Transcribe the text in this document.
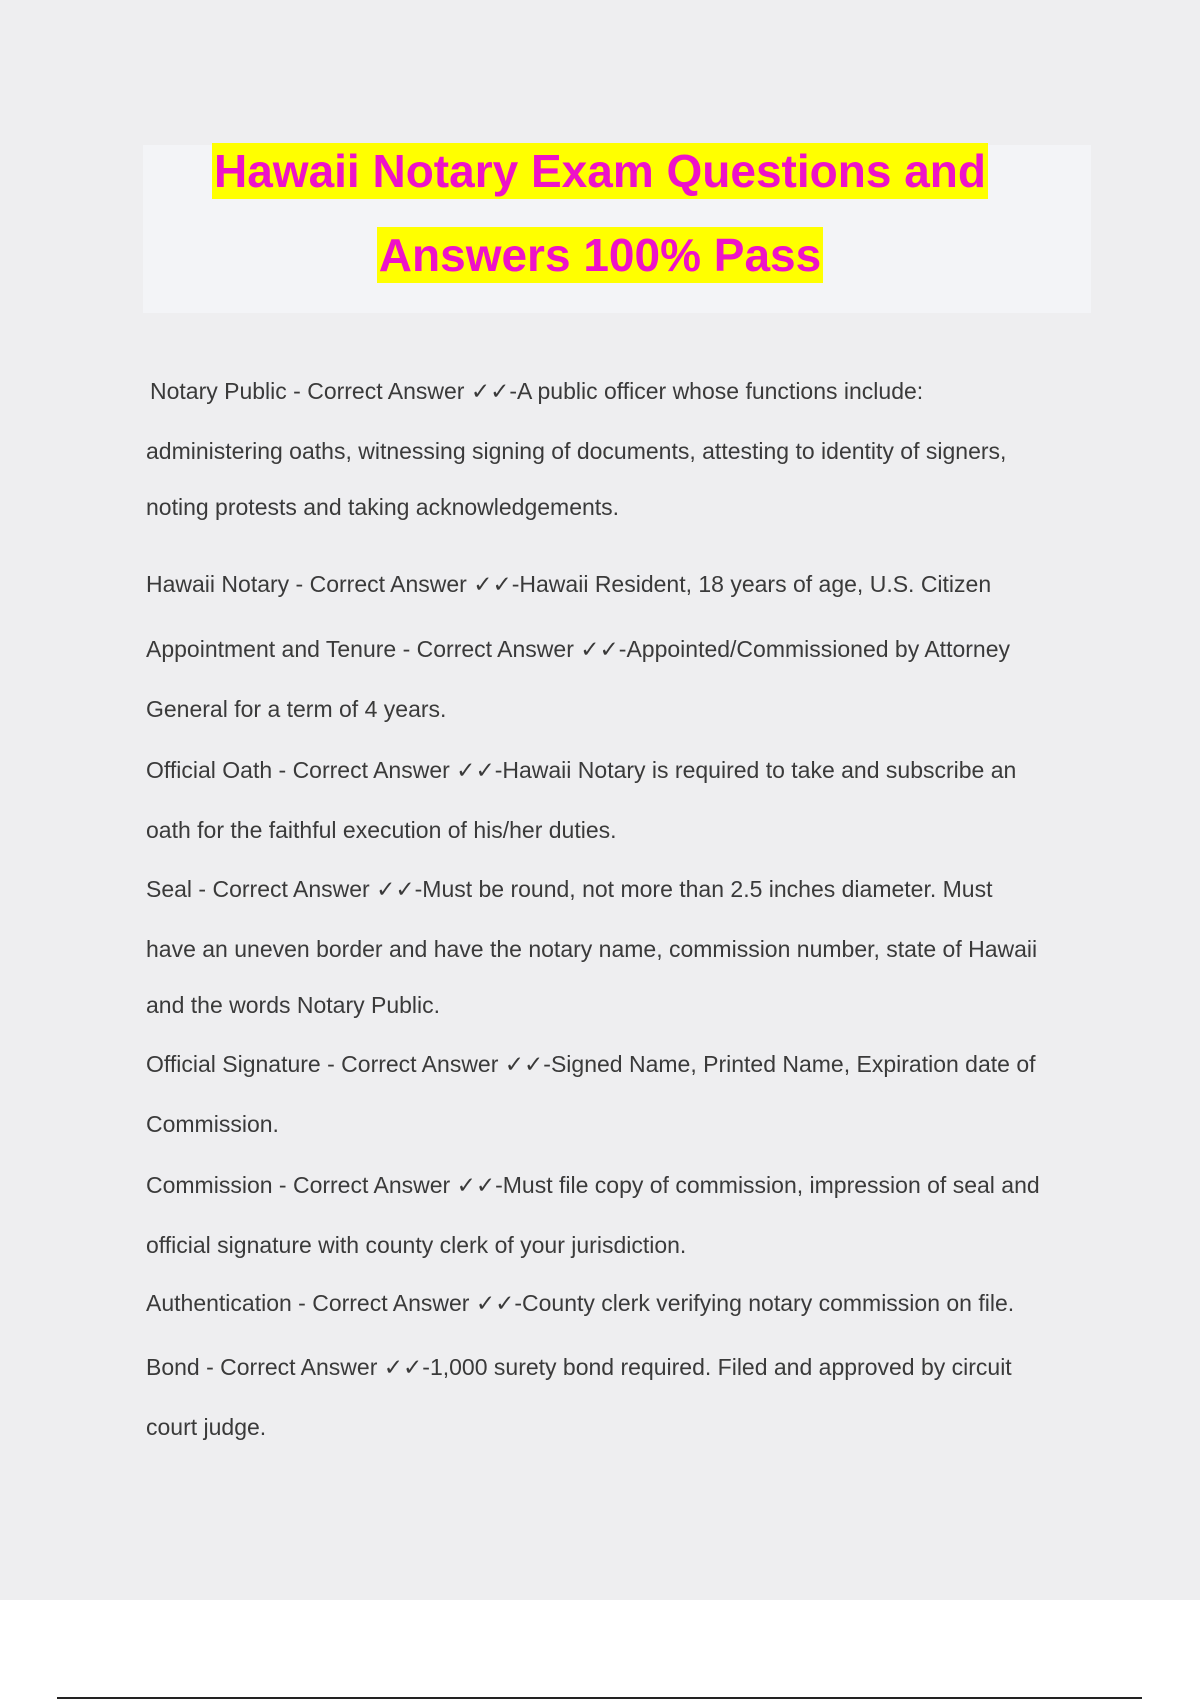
Hawaii Notary Exam Questions and
Answers 100% Pass
Notary Public - Correct Answer ✓✓-A public officer whose functions include:
administering oaths, witnessing signing of documents, attesting to identity of signers,
noting protests and taking acknowledgements.
Hawaii Notary - Correct Answer ✓✓-Hawaii Resident, 18 years of age, U.S. Citizen
Appointment and Tenure - Correct Answer ✓✓-Appointed/Commissioned by Attorney
General for a term of 4 years.
Official Oath - Correct Answer ✓✓-Hawaii Notary is required to take and subscribe an
oath for the faithful execution of his/her duties.
Seal - Correct Answer ✓✓-Must be round, not more than 2.5 inches diameter. Must
have an uneven border and have the notary name, commission number, state of Hawaii
and the words Notary Public.
Official Signature - Correct Answer ✓✓-Signed Name, Printed Name, Expiration date of
Commission.
Commission - Correct Answer ✓✓-Must file copy of commission, impression of seal and
official signature with county clerk of your jurisdiction.
Authentication - Correct Answer ✓✓-County clerk verifying notary commission on file.
Bond - Correct Answer ✓✓-1,000 surety bond required. Filed and approved by circuit
court judge.
